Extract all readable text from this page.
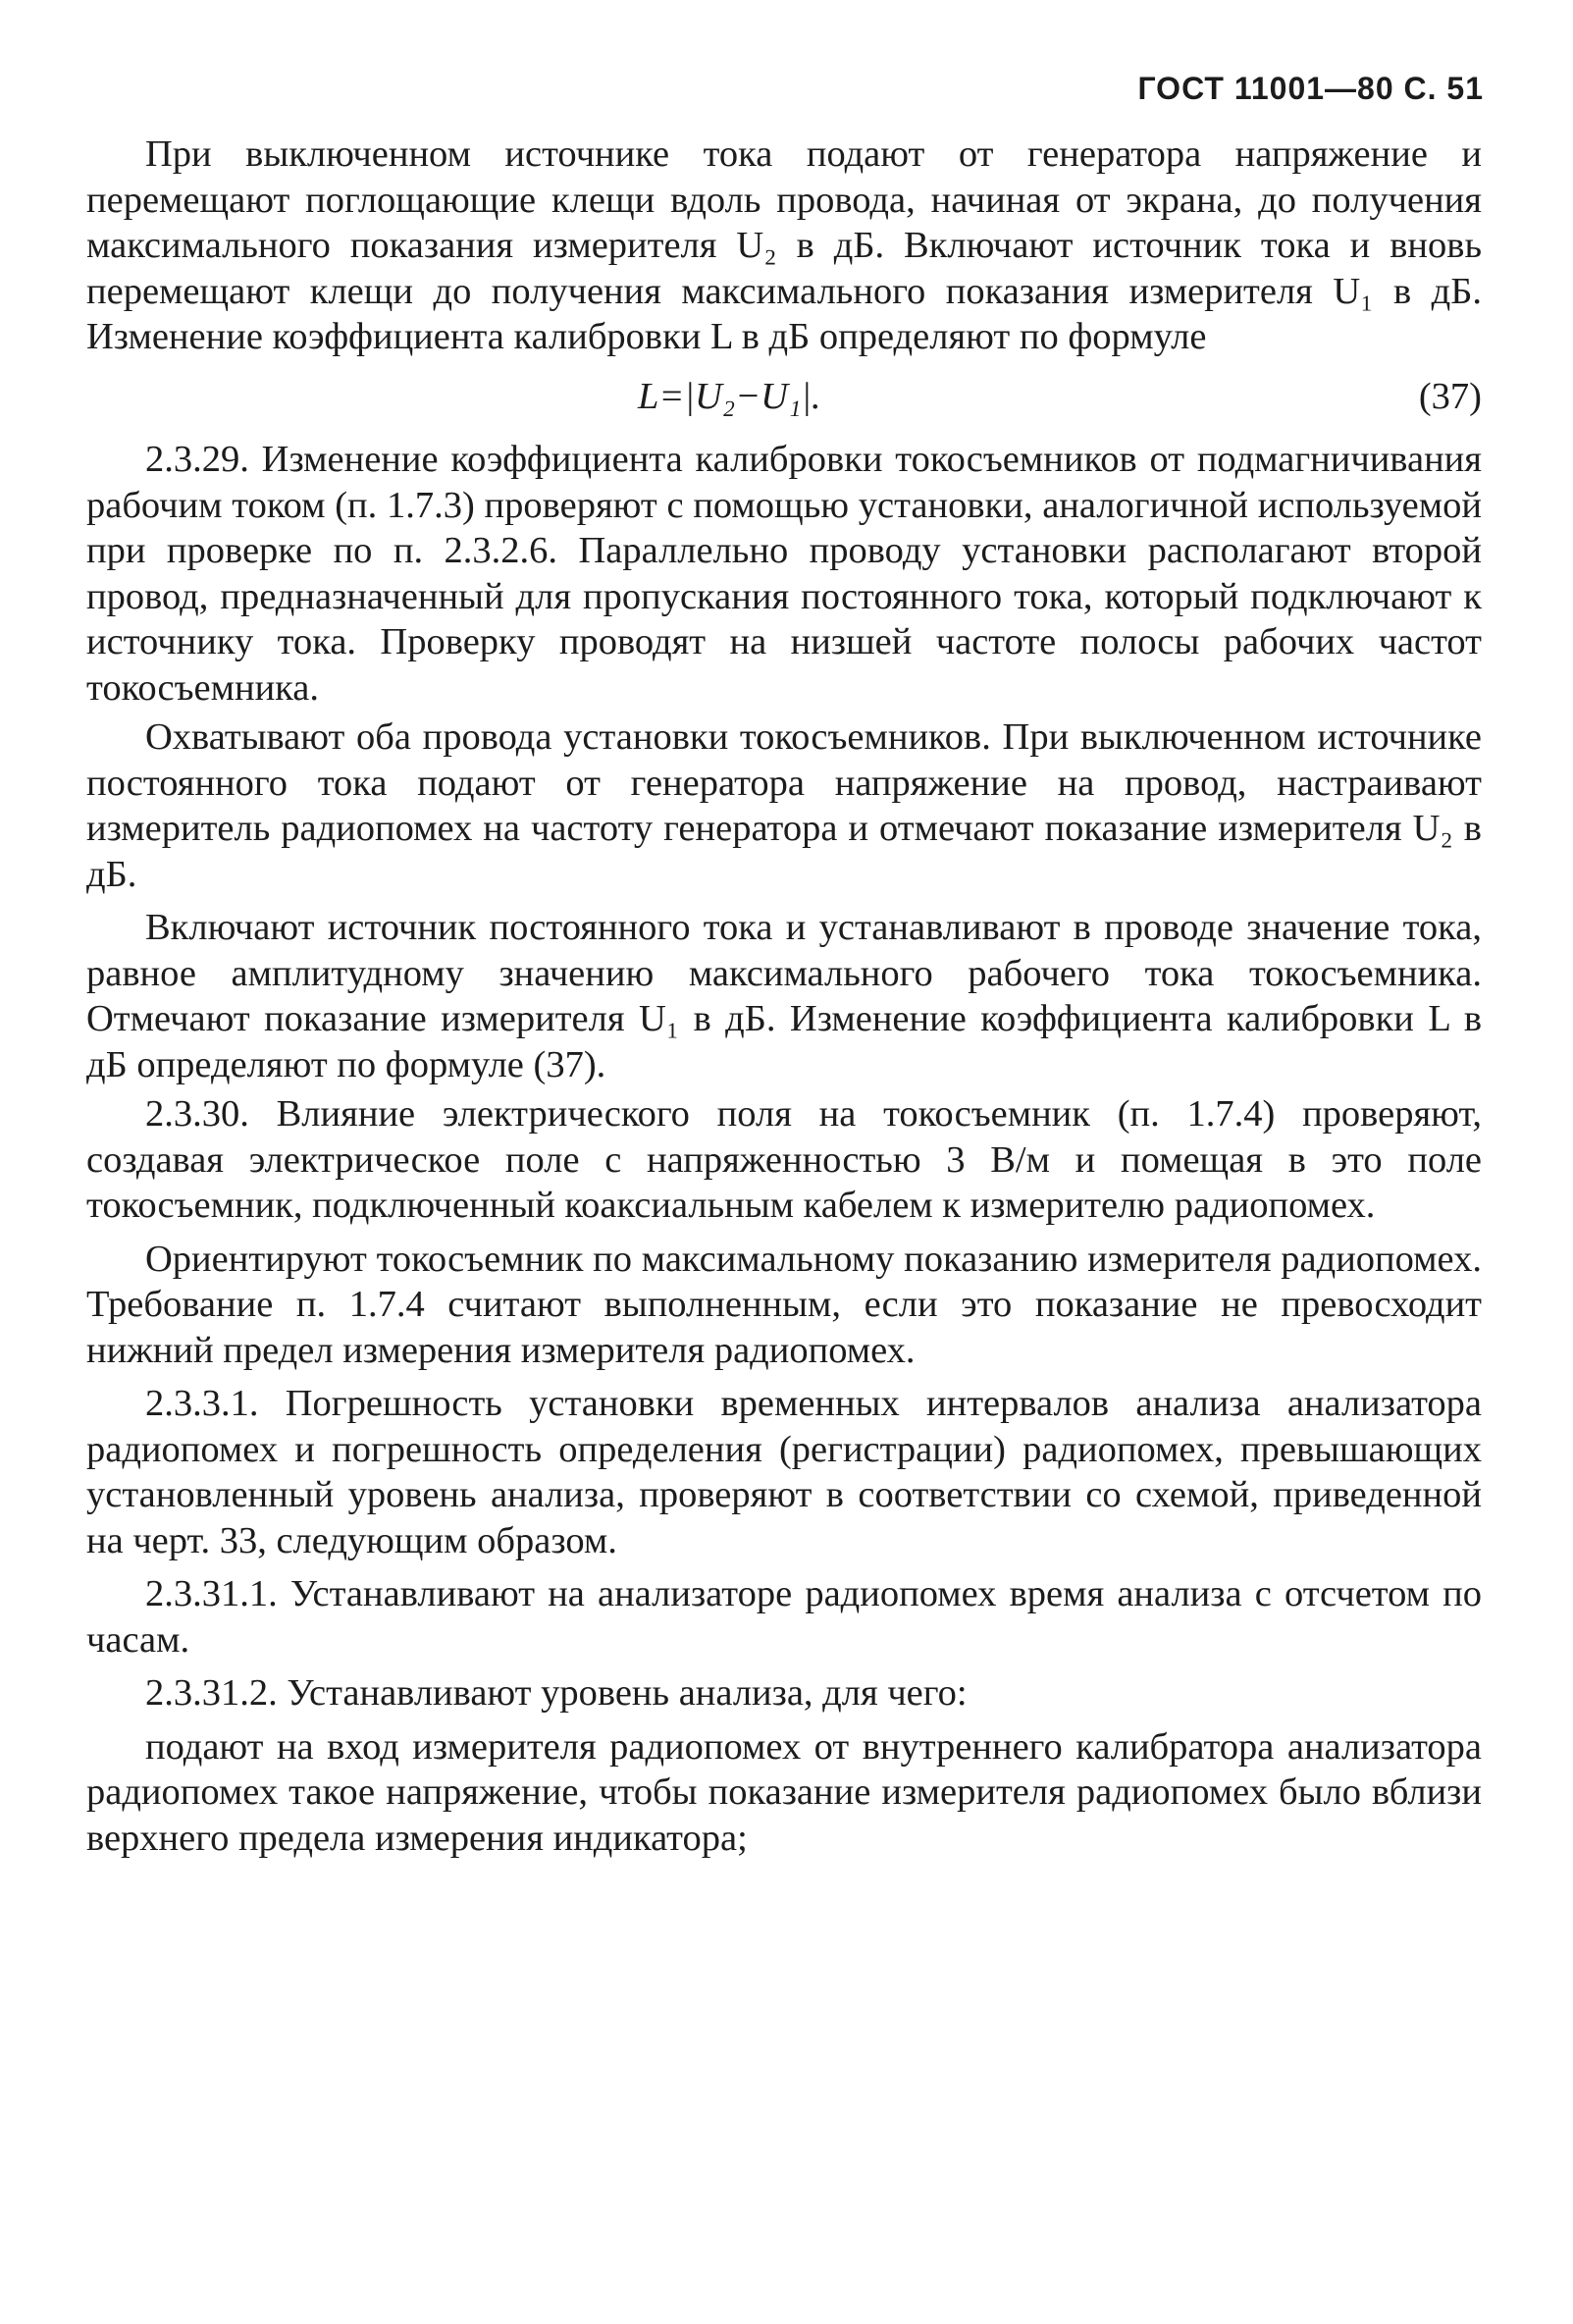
ГОСТ 11001—80 С. 51

При выключенном источнике тока подают от генератора напряжение и перемещают поглощающие клещи вдоль провода, начиная от экрана, до получения максимального показания измерителя U₂ в дБ. Включают источник тока и вновь перемещают клещи до получения максимального показания измерителя U₁ в дБ. Изменение коэффициента калибровки L в дБ определяют по формуле

L=|U₂−U₁|.	(37)

2.3.29. Изменение коэффициента калибровки токосъемников от подмагничивания рабочим током (п. 1.7.3) проверяют с помощью установки, аналогичной используемой при проверке по п. 2.3.2.6. Параллельно проводу установки располагают второй провод, предназначенный для пропускания постоянного тока, который подключают к источнику тока. Проверку проводят на низшей частоте полосы рабочих частот токосъемника.

Охватывают оба провода установки токосъемников. При выключенном источнике постоянного тока подают от генератора напряжение на провод, настраивают измеритель радиопомех на частоту генератора и отмечают показание измерителя U₂ в дБ.

Включают источник постоянного тока и устанавливают в проводе значение тока, равное амплитудному значению максимального рабочего тока токосъемника. Отмечают показание измерителя U₁ в дБ. Изменение коэффициента калибровки L в дБ определяют по формуле (37).

2.3.30. Влияние электрического поля на токосъемник (п. 1.7.4) проверяют, создавая электрическое поле с напряженностью 3 В/м и помещая в это поле токосъемник, подключенный коаксиальным кабелем к измерителю радиопомех.

Ориентируют токосъемник по максимальному показанию измерителя радиопомех. Требование п. 1.7.4 считают выполненным, если это показание не превосходит нижний предел измерения измерителя радиопомех.

2.3.3.1. Погрешность установки временных интервалов анализа анализатора радиопомех и погрешность определения (регистрации) радиопомех, превышающих установленный уровень анализа, проверяют в соответствии со схемой, приведенной на черт. 33, следующим образом.

2.3.31.1. Устанавливают на анализаторе радиопомех время анализа с отсчетом по часам.

2.3.31.2. Устанавливают уровень анализа, для чего:

подают на вход измерителя радиопомех от внутреннего калибратора анализатора радиопомех такое напряжение, чтобы показание измерителя радиопомех было вблизи верхнего предела измерения индикатора;
